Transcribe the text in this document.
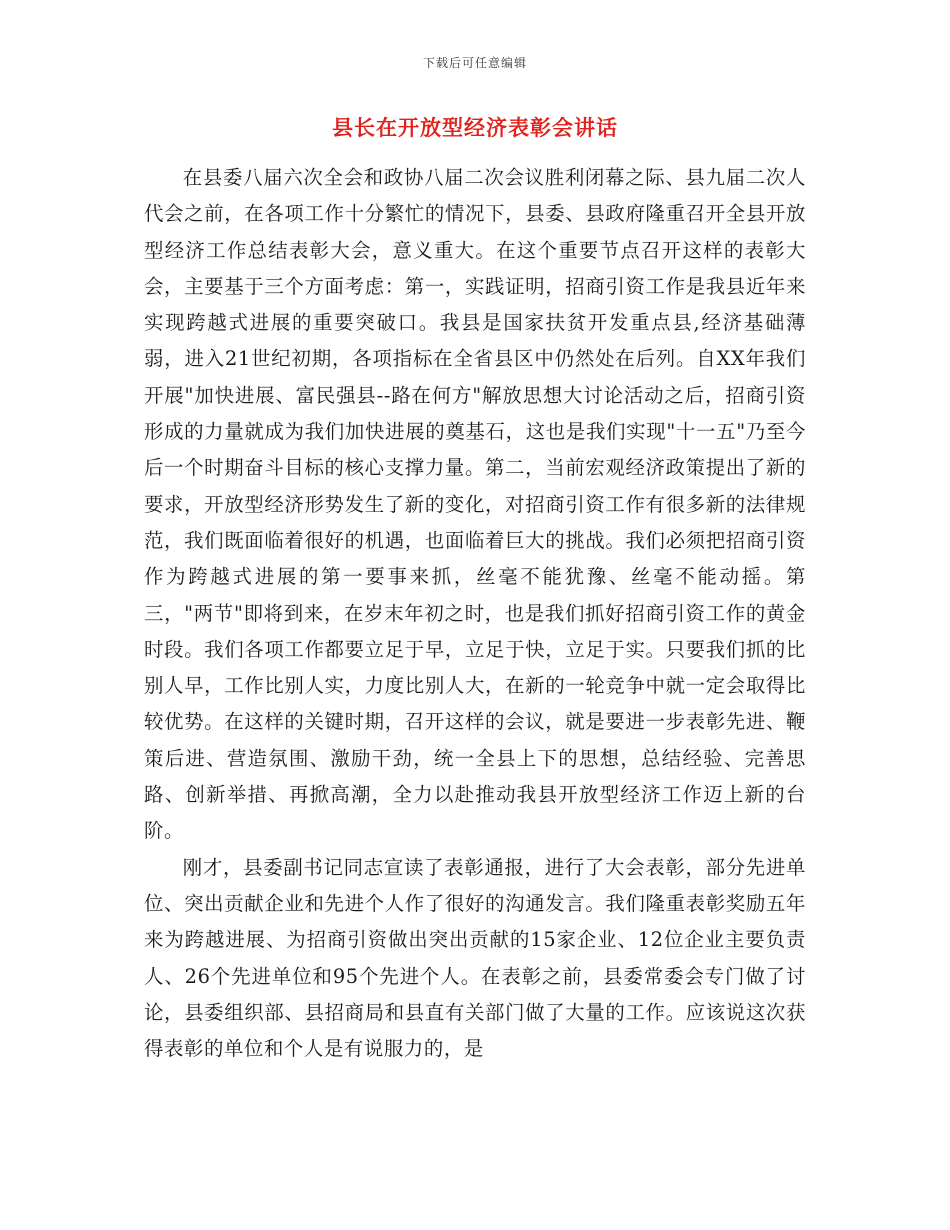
下载后可任意编辑
县长在开放型经济表彰会讲话

在县委八届六次全会和政协八届二次会议胜利闭幕之际、县九届二次人代会之前，在各项工作十分繁忙的情况下，县委、县政府隆重召开全县开放型经济工作总结表彰大会，意义重大。在这个重要节点召开这样的表彰大会，主要基于三个方面考虑：第一，实践证明，招商引资工作是我县近年来实现跨越式进展的重要突破口。我县是国家扶贫开发重点县,经济基础薄弱，进入21世纪初期，各项指标在全省县区中仍然处在后列。自XX年我们开展"加快进展、富民强县--路在何方"解放思想大讨论活动之后，招商引资形成的力量就成为我们加快进展的奠基石，这也是我们实现"十一五"乃至今后一个时期奋斗目标的核心支撑力量。第二，当前宏观经济政策提出了新的要求，开放型经济形势发生了新的变化，对招商引资工作有很多新的法律规范，我们既面临着很好的机遇，也面临着巨大的挑战。我们必须把招商引资作为跨越式进展的第一要事来抓，丝毫不能犹豫、丝毫不能动摇。第三，"两节"即将到来，在岁末年初之时，也是我们抓好招商引资工作的黄金时段。我们各项工作都要立足于早，立足于快，立足于实。只要我们抓的比别人早，工作比别人实，力度比别人大，在新的一轮竞争中就一定会取得比较优势。在这样的关键时期，召开这样的会议，就是要进一步表彰先进、鞭策后进、营造氛围、激励干劲，统一全县上下的思想，总结经验、完善思路、创新举措、再掀高潮，全力以赴推动我县开放型经济工作迈上新的台阶。

刚才，县委副书记同志宣读了表彰通报，进行了大会表彰，部分先进单位、突出贡献企业和先进个人作了很好的沟通发言。我们隆重表彰奖励五年来为跨越进展、为招商引资做出突出贡献的15家企业、12位企业主要负责人、26个先进单位和95个先进个人。在表彰之前，县委常委会专门做了讨论，县委组织部、县招商局和县直有关部门做了大量的工作。应该说这次获得表彰的单位和个人是有说服力的，是
